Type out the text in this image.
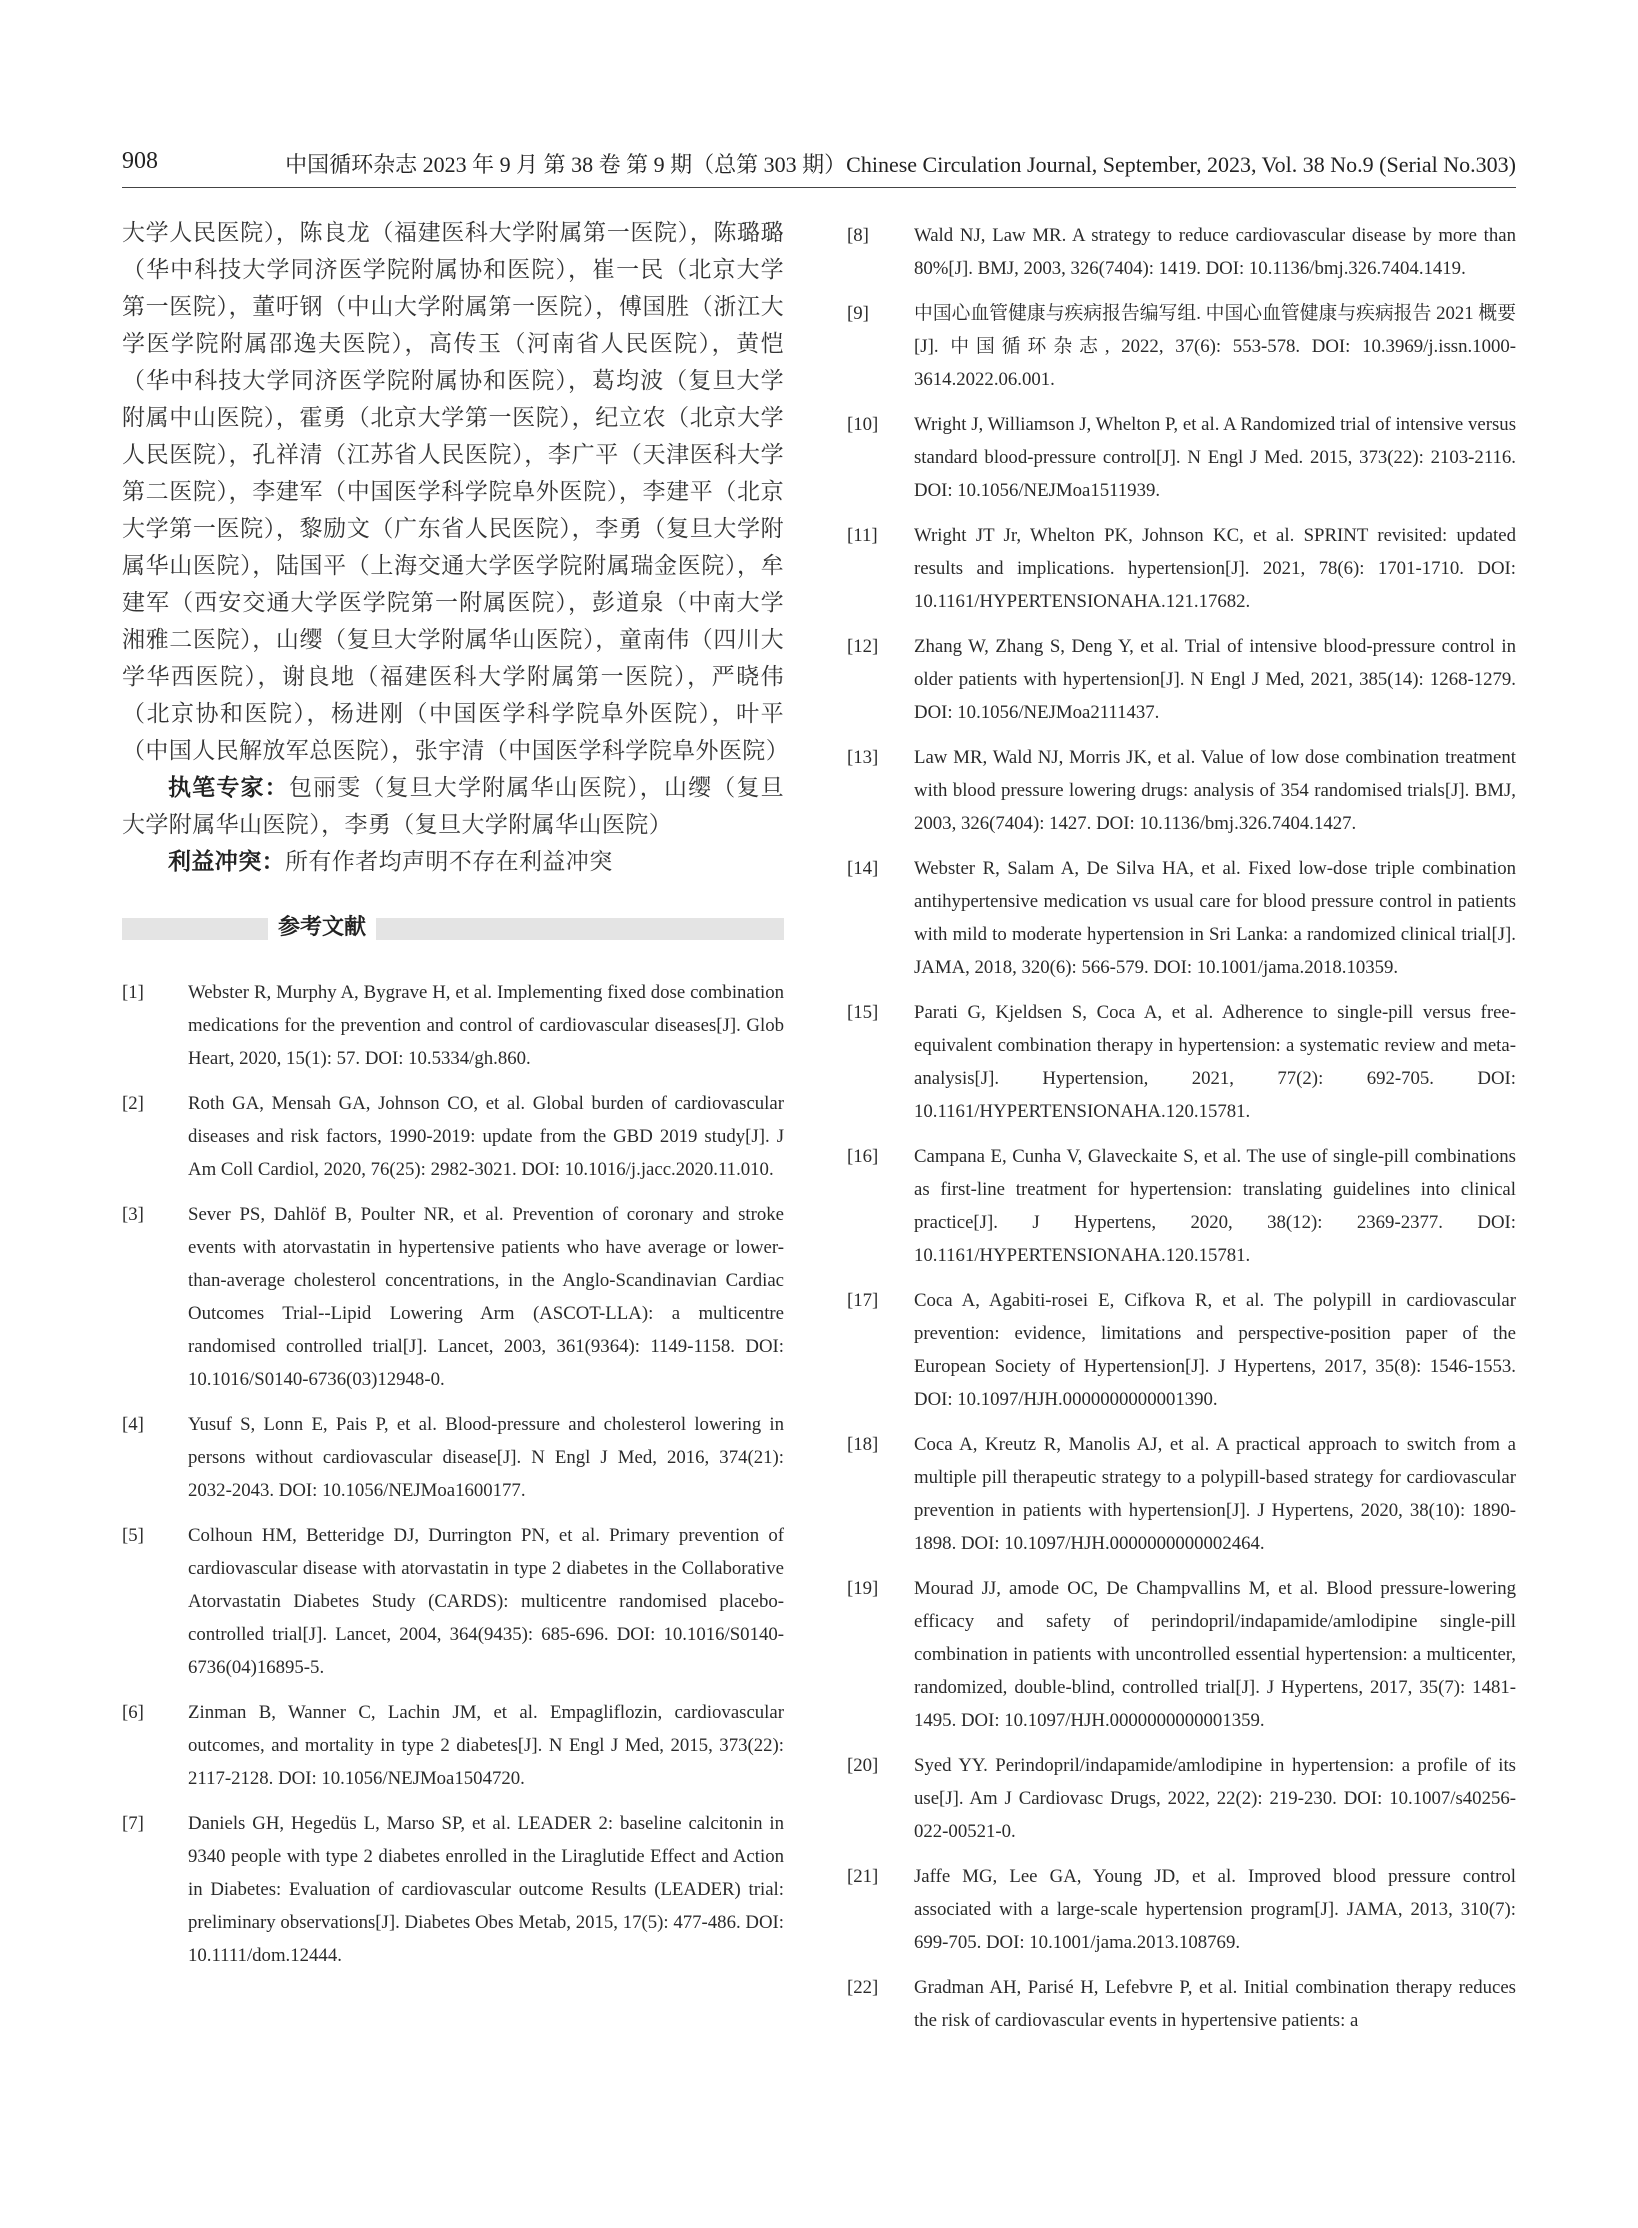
908	中国循环杂志 2023 年 9 月 第 38 卷 第 9 期（总第 303 期）Chinese Circulation Journal, September, 2023, Vol. 38 No.9 (Serial No.303)

大学人民医院），陈良龙（福建医科大学附属第一医院），陈璐璐（华中科技大学同济医学院附属协和医院），崔一民（北京大学第一医院），董吁钢（中山大学附属第一医院），傅国胜（浙江大学医学院附属邵逸夫医院），高传玉（河南省人民医院），黄恺（华中科技大学同济医学院附属协和医院），葛均波（复旦大学附属中山医院），霍勇（北京大学第一医院），纪立农（北京大学人民医院），孔祥清（江苏省人民医院），李广平（天津医科大学第二医院），李建军（中国医学科学院阜外医院），李建平（北京大学第一医院），黎励文（广东省人民医院），李勇（复旦大学附属华山医院），陆国平（上海交通大学医学院附属瑞金医院），牟建军（西安交通大学医学院第一附属医院），彭道泉（中南大学湘雅二医院），山缨（复旦大学附属华山医院），童南伟（四川大学华西医院），谢良地（福建医科大学附属第一医院），严晓伟（北京协和医院），杨进刚（中国医学科学院阜外医院），叶平（中国人民解放军总医院），张宇清（中国医学科学院阜外医院）

执笔专家：包丽雯（复旦大学附属华山医院），山缨（复旦大学附属华山医院），李勇（复旦大学附属华山医院）

利益冲突：所有作者均声明不存在利益冲突

参考文献
[1] Webster R, Murphy A, Bygrave H, et al. Implementing fixed dose combination medications for the prevention and control of cardiovascular diseases[J]. Glob Heart, 2020, 15(1): 57. DOI: 10.5334/gh.860.
[2] Roth GA, Mensah GA, Johnson CO, et al. Global burden of cardiovascular diseases and risk factors, 1990-2019: update from the GBD 2019 study[J]. J Am Coll Cardiol, 2020, 76(25): 2982-3021. DOI: 10.1016/j.jacc.2020.11.010.
[3] Sever PS, Dahlöf B, Poulter NR, et al. Prevention of coronary and stroke events with atorvastatin in hypertensive patients who have average or lower-than-average cholesterol concentrations, in the Anglo-Scandinavian Cardiac Outcomes Trial--Lipid Lowering Arm (ASCOT-LLA): a multicentre randomised controlled trial[J]. Lancet, 2003, 361(9364): 1149-1158. DOI: 10.1016/S0140-6736(03)12948-0.
[4] Yusuf S, Lonn E, Pais P, et al. Blood-pressure and cholesterol lowering in persons without cardiovascular disease[J]. N Engl J Med, 2016, 374(21): 2032-2043. DOI: 10.1056/NEJMoa1600177.
[5] Colhoun HM, Betteridge DJ, Durrington PN, et al. Primary prevention of cardiovascular disease with atorvastatin in type 2 diabetes in the Collaborative Atorvastatin Diabetes Study (CARDS): multicentre randomised placebo-controlled trial[J]. Lancet, 2004, 364(9435): 685-696. DOI: 10.1016/S0140-6736(04)16895-5.
[6] Zinman B, Wanner C, Lachin JM, et al. Empagliflozin, cardiovascular outcomes, and mortality in type 2 diabetes[J]. N Engl J Med, 2015, 373(22): 2117-2128. DOI: 10.1056/NEJMoa1504720.
[7] Daniels GH, Hegedüs L, Marso SP, et al. LEADER 2: baseline calcitonin in 9340 people with type 2 diabetes enrolled in the Liraglutide Effect and Action in Diabetes: Evaluation of cardiovascular outcome Results (LEADER) trial: preliminary observations[J]. Diabetes Obes Metab, 2015, 17(5): 477-486. DOI: 10.1111/dom.12444.
[8] Wald NJ, Law MR. A strategy to reduce cardiovascular disease by more than 80%[J]. BMJ, 2003, 326(7404): 1419. DOI: 10.1136/bmj.326.7404.1419.
[9] 中国心血管健康与疾病报告编写组. 中国心血管健康与疾病报告 2021 概要 [J]. 中国循环杂志, 2022, 37(6): 553-578. DOI: 10.3969/j.issn.1000-3614.2022.06.001.
[10] Wright J, Williamson J, Whelton P, et al. A Randomized trial of intensive versus standard blood-pressure control[J]. N Engl J Med. 2015, 373(22): 2103-2116. DOI: 10.1056/NEJMoa1511939.
[11] Wright JT Jr, Whelton PK, Johnson KC, et al. SPRINT revisited: updated results and implications. hypertension[J]. 2021, 78(6): 1701-1710. DOI: 10.1161/HYPERTENSIONAHA.121.17682.
[12] Zhang W, Zhang S, Deng Y, et al. Trial of intensive blood-pressure control in older patients with hypertension[J]. N Engl J Med, 2021, 385(14): 1268-1279. DOI: 10.1056/NEJMoa2111437.
[13] Law MR, Wald NJ, Morris JK, et al. Value of low dose combination treatment with blood pressure lowering drugs: analysis of 354 randomised trials[J]. BMJ, 2003, 326(7404): 1427. DOI: 10.1136/bmj.326.7404.1427.
[14] Webster R, Salam A, De Silva HA, et al. Fixed low-dose triple combination antihypertensive medication vs usual care for blood pressure control in patients with mild to moderate hypertension in Sri Lanka: a randomized clinical trial[J]. JAMA, 2018, 320(6): 566-579. DOI: 10.1001/jama.2018.10359.
[15] Parati G, Kjeldsen S, Coca A, et al. Adherence to single-pill versus free-equivalent combination therapy in hypertension: a systematic review and meta-analysis[J]. Hypertension, 2021, 77(2): 692-705. DOI: 10.1161/HYPERTENSIONAHA.120.15781.
[16] Campana E, Cunha V, Glaveckaite S, et al. The use of single-pill combinations as first-line treatment for hypertension: translating guidelines into clinical practice[J]. J Hypertens, 2020, 38(12): 2369-2377. DOI: 10.1161/HYPERTENSIONAHA.120.15781.
[17] Coca A, Agabiti-rosei E, Cifkova R, et al. The polypill in cardiovascular prevention: evidence, limitations and perspective-position paper of the European Society of Hypertension[J]. J Hypertens, 2017, 35(8): 1546-1553. DOI: 10.1097/HJH.0000000000001390.
[18] Coca A, Kreutz R, Manolis AJ, et al. A practical approach to switch from a multiple pill therapeutic strategy to a polypill-based strategy for cardiovascular prevention in patients with hypertension[J]. J Hypertens, 2020, 38(10): 1890-1898. DOI: 10.1097/HJH.0000000000002464.
[19] Mourad JJ, amode OC, De Champvallins M, et al. Blood pressure-lowering efficacy and safety of perindopril/indapamide/amlodipine single-pill combination in patients with uncontrolled essential hypertension: a multicenter, randomized, double-blind, controlled trial[J]. J Hypertens, 2017, 35(7): 1481-1495. DOI: 10.1097/HJH.0000000000001359.
[20] Syed YY. Perindopril/indapamide/amlodipine in hypertension: a profile of its use[J]. Am J Cardiovasc Drugs, 2022, 22(2): 219-230. DOI: 10.1007/s40256-022-00521-0.
[21] Jaffe MG, Lee GA, Young JD, et al. Improved blood pressure control associated with a large-scale hypertension program[J]. JAMA, 2013, 310(7): 699-705. DOI: 10.1001/jama.2013.108769.
[22] Gradman AH, Parisé H, Lefebvre P, et al. Initial combination therapy reduces the risk of cardiovascular events in hypertensive patients: a
